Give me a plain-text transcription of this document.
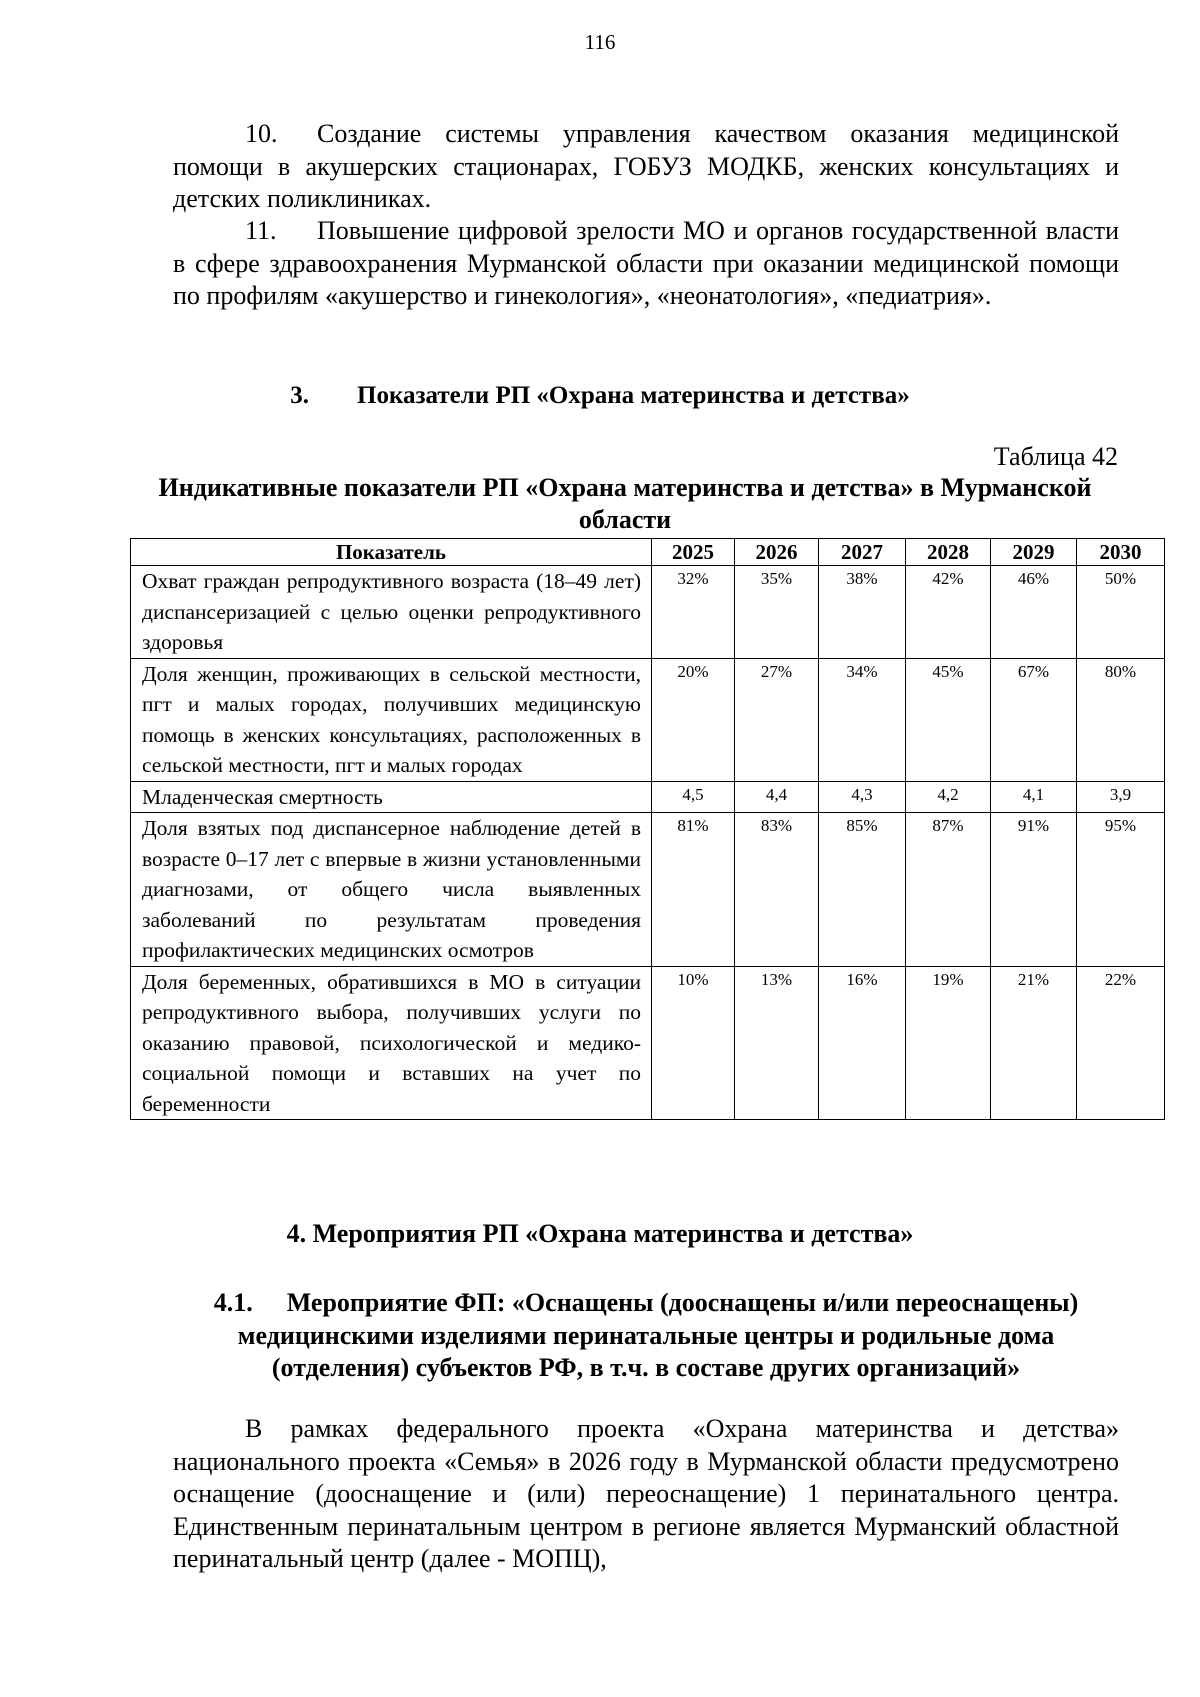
116

10. Создание системы управления качеством оказания медицинской помощи в акушерских стационарах, ГОБУЗ МОДКБ, женских консультациях и детских поликлиниках.

11. Повышение цифровой зрелости МО и органов государственной власти в сфере здравоохранения Мурманской области при оказании медицинской помощи по профилям «акушерство и гинекология», «неонатология», «педиатрия».

3. Показатели РП «Охрана материнства и детства»
Таблица 42
Индикативные показатели РП «Охрана материнства и детства» в Мурманской области
Показатель	2025	2026	2027	2028	2029	2030
Охват граждан репродуктивного возраста (18–49 лет) диспансеризацией с целью оценки репродуктивного здоровья	32%	35%	38%	42%	46%	50%
Доля женщин, проживающих в сельской местности, пгт и малых городах, получивших медицинскую помощь в женских консультациях, расположенных в сельской местности, пгт и малых городах	20%	27%	34%	45%	67%	80%
Младенческая смертность	4,5	4,4	4,3	4,2	4,1	3,9
Доля взятых под диспансерное наблюдение детей в возрасте 0–17 лет с впервые в жизни установленными диагнозами, от общего числа выявленных заболеваний по результатам проведения профилактических медицинских осмотров	81%	83%	85%	87%	91%	95%
Доля беременных, обратившихся в МО в ситуации репродуктивного выбора, получивших услуги по оказанию правовой, психологической и медико-социальной помощи и вставших на учет по беременности	10%	13%	16%	19%	21%	22%
4. Мероприятия РП «Охрана материнства и детства»
4.1. Мероприятие ФП: «Оснащены (дооснащены и/или переоснащены) медицинскими изделиями перинатальные центры и родильные дома (отделения) субъектов РФ, в т.ч. в составе других организаций»

В рамках федерального проекта «Охрана материнства и детства» национального проекта «Семья» в 2026 году в Мурманской области предусмотрено оснащение (дооснащение и (или) переоснащение) 1 перинатального центра. Единственным перинатальным центром в регионе является Мурманский областной перинатальный центр (далее - МОПЦ),
